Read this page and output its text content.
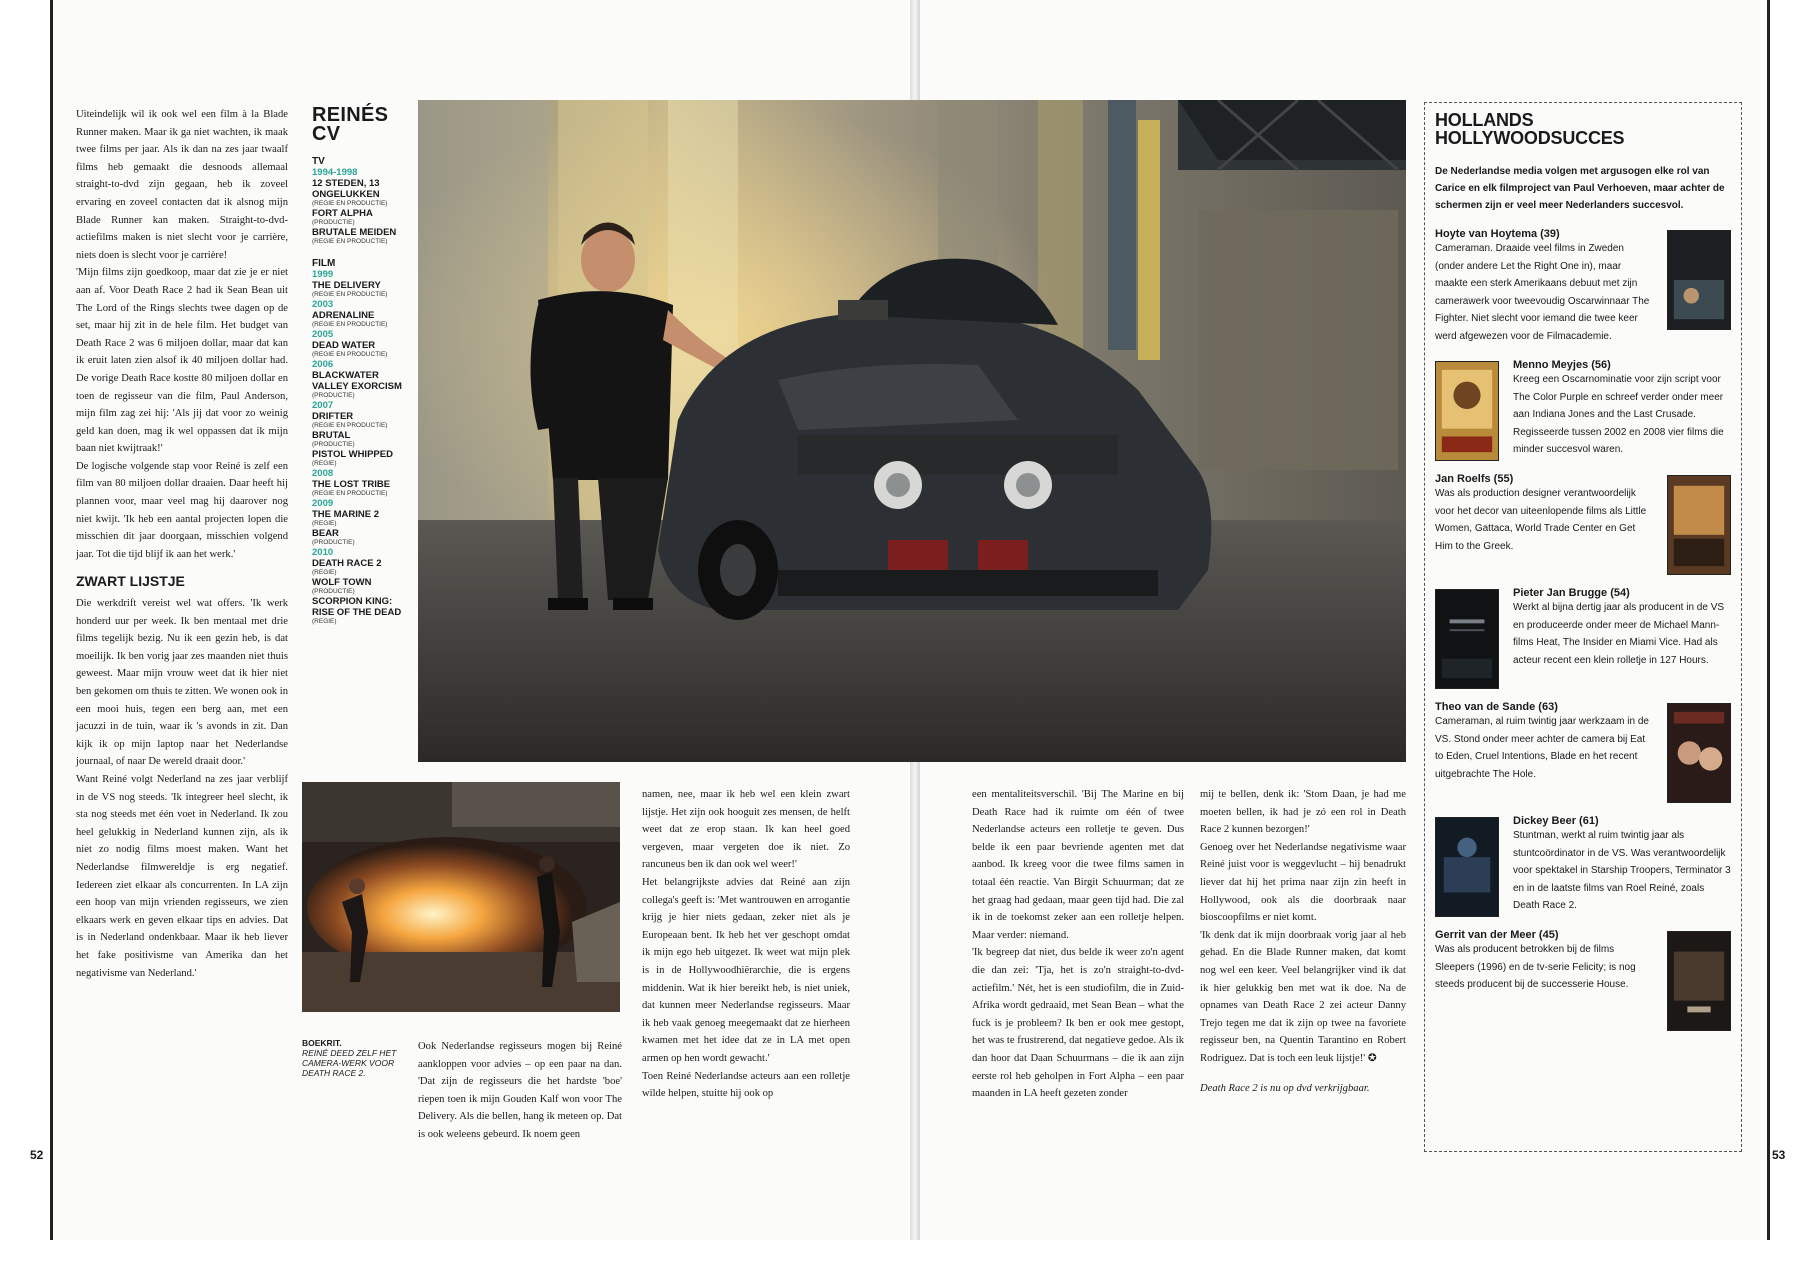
Uiteindelijk wil ik ook wel een film à la Blade Runner maken. Maar ik ga niet wachten, ik maak twee films per jaar. Als ik dan na zes jaar twaalf films heb gemaakt die desnoods allemaal straight-to-dvd zijn gegaan, heb ik zoveel ervaring en zoveel contacten dat ik alsnog mijn Blade Runner kan maken. Straight-to-dvd-actiefilms maken is niet slecht voor je carrière, niets doen is slecht voor je carrière!

'Mijn films zijn goedkoop, maar dat zie je er niet aan af. Voor Death Race 2 had ik Sean Bean uit The Lord of the Rings slechts twee dagen op de set, maar hij zit in de hele film. Het budget van Death Race 2 was 6 miljoen dollar, maar dat kan ik eruit laten zien alsof ik 40 miljoen dollar had. De vorige Death Race kostte 80 miljoen dollar en toen de regisseur van die film, Paul Anderson, mijn film zag zei hij: 'Als jij dat voor zo weinig geld kan doen, mag ik wel oppassen dat ik mijn baan niet kwijtraak!'

De logische volgende stap voor Reiné is zelf een film van 80 miljoen dollar draaien. Daar heeft hij plannen voor, maar veel mag hij daarover nog niet kwijt. 'Ik heb een aantal projecten lopen die misschien dit jaar doorgaan, misschien volgend jaar. Tot die tijd blijf ik aan het werk.'

ZWART LIJSTJE

Die werkdrift vereist wel wat offers. 'Ik werk honderd uur per week. Ik ben mentaal met drie films tegelijk bezig. Nu ik een gezin heb, is dat moeilijk. Ik ben vorig jaar zes maanden niet thuis geweest. Maar mijn vrouw weet dat ik hier niet ben gekomen om thuis te zitten. We wonen ook in een mooi huis, tegen een berg aan, met een jacuzzi in de tuin, waar ik 's avonds in zit. Dan kijk ik op mijn laptop naar het Nederlandse journaal, of naar De wereld draait door.'

Want Reiné volgt Nederland na zes jaar verblijf in de VS nog steeds. 'Ik integreer heel slecht, ik sta nog steeds met één voet in Nederland. Ik zou heel gelukkig in Nederland kunnen zijn, als ik niet zo nodig films moest maken. Want het Nederlandse filmwereldje is erg negatief. Iedereen ziet elkaar als concurrenten. In LA zijn een hoop van mijn vrienden regisseurs, we zien elkaars werk en geven elkaar tips en advies. Dat is in Nederland ondenkbaar. Maar ik heb liever het fake positivisme van Amerika dan het negativisme van Nederland.'

REINÉS
CV
TV
1994-1998
12 STEDEN, 13 ONGELUKKEN
(REGIE EN PRODUCTIE)
FORT ALPHA
(PRODUCTIE)
BRUTALE MEIDEN
(REGIE EN PRODUCTIE)
FILM
1999
THE DELIVERY
(REGIE EN PRODUCTIE)
2003
ADRENALINE
(REGIE EN PRODUCTIE)
2005
DEAD WATER
(REGIE EN PRODUCTIE)
2006
BLACKWATER VALLEY EXORCISM
(PRODUCTIE)
2007
DRIFTER
(REGIE EN PRODUCTIE)
BRUTAL
(PRODUCTIE)
PISTOL WHIPPED
(REGIE)
2008
THE LOST TRIBE
(REGIE EN PRODUCTIE)
2009
THE MARINE 2
(REGIE)
BEAR
(PRODUCTIE)
2010
DEATH RACE 2
(REGIE)
WOLF TOWN
(PRODUCTIE)
SCORPION KING: RISE OF THE DEAD
(REGIE)
BOEKRIT.
REINÉ DEED ZELF HET CAMERA-WERK VOOR DEATH RACE 2.

Ook Nederlandse regisseurs mogen bij Reiné aankloppen voor advies – op een paar na dan. 'Dat zijn de regisseurs die het hardste 'boe' riepen toen ik mijn Gouden Kalf won voor The Delivery. Als die bellen, hang ik meteen op. Dat is ook weleens gebeurd. Ik noem geen

namen, nee, maar ik heb wel een klein zwart lijstje. Het zijn ook hooguit zes mensen, de helft weet dat ze erop staan. Ik kan heel goed vergeven, maar vergeten doe ik niet. Zo rancuneus ben ik dan ook wel weer!'

Het belangrijkste advies dat Reiné aan zijn collega's geeft is: 'Met wantrouwen en arrogantie krijg je hier niets gedaan, zeker niet als je Europeaan bent. Ik heb het ver geschopt omdat ik mijn ego heb uitgezet. Ik weet wat mijn plek is in de Hollywoodhiërarchie, die is ergens middenin. Wat ik hier bereikt heb, is niet uniek, dat kunnen meer Nederlandse regisseurs. Maar ik heb vaak genoeg meegemaakt dat ze hierheen kwamen met het idee dat ze in LA met open armen op hen wordt gewacht.'

Toen Reiné Nederlandse acteurs aan een rolletje wilde helpen, stuitte hij ook op

een mentaliteitsverschil. 'Bij The Marine en bij Death Race had ik ruimte om één of twee Nederlandse acteurs een rolletje te geven. Dus belde ik een paar bevriende agenten met dat aanbod. Ik kreeg voor die twee films samen in totaal één reactie. Van Birgit Schuurman; dat ze het graag had gedaan, maar geen tijd had. Die zal ik in de toekomst zeker aan een rolletje helpen. Maar verder: niemand.

'Ik begreep dat niet, dus belde ik weer zo'n agent die dan zei: 'Tja, het is zo'n straight-to-dvd-actiefilm.' Nét, het is een studiofilm, die in Zuid-Afrika wordt gedraaid, met Sean Bean – what the fuck is je probleem? Ik ben er ook mee gestopt, het was te frustrerend, dat negatieve gedoe. Als ik dan hoor dat Daan Schuurmans – die ik aan zijn eerste rol heb geholpen in Fort Alpha – een paar maanden in LA heeft gezeten zonder

mij te bellen, denk ik: 'Stom Daan, je had me moeten bellen, ik had je zó een rol in Death Race 2 kunnen bezorgen!'

Genoeg over het Nederlandse negativisme waar Reiné juist voor is weggevlucht – hij benadrukt liever dat hij het prima naar zijn zin heeft in Hollywood, ook als die doorbraak naar bioscoopfilms er niet komt.

'Ik denk dat ik mijn doorbraak vorig jaar al heb gehad. En die Blade Runner maken, dat komt nog wel een keer. Veel belangrijker vind ik dat ik hier gelukkig ben met wat ik doe. Na de opnames van Death Race 2 zei acteur Danny Trejo tegen me dat ik zijn op twee na favoriete regisseur ben, na Quentin Tarantino en Robert Rodriguez. Dat is toch een leuk lijstje!' ✪

Death Race 2 is nu op dvd verkrijgbaar.

HOLLANDS
HOLLYWOODSUCCES
De Nederlandse media volgen met argusogen elke rol van Carice en elk filmproject van Paul Verhoeven, maar achter de schermen zijn er veel meer Nederlanders succesvol.
Hoyte van Hoytema (39)
Cameraman. Draaide veel films in Zweden (onder andere Let the Right One in), maar maakte een sterk Amerikaans debuut met zijn camerawerk voor tweevoudig Oscarwinnaar The Fighter. Niet slecht voor iemand die twee keer werd afgewezen voor de Filmacademie.
Menno Meyjes (56)
Kreeg een Oscarnominatie voor zijn script voor The Color Purple en schreef verder onder meer aan Indiana Jones and the Last Crusade. Regisseerde tussen 2002 en 2008 vier films die minder succesvol waren.
Jan Roelfs (55)
Was als production designer verantwoordelijk voor het decor van uiteenlopende films als Little Women, Gattaca, World Trade Center en Get Him to the Greek.
Pieter Jan Brugge (54)
Werkt al bijna dertig jaar als producent in de VS en produceerde onder meer de Michael Mann-films Heat, The Insider en Miami Vice. Had als acteur recent een klein rolletje in 127 Hours.
Theo van de Sande (63)
Cameraman, al ruim twintig jaar werkzaam in de VS. Stond onder meer achter de camera bij Eat to Eden, Cruel Intentions, Blade en het recent uitgebrachte The Hole.
Dickey Beer (61)
Stuntman, werkt al ruim twintig jaar als stuntcoördinator in de VS. Was verantwoordelijk voor spektakel in Starship Troopers, Terminator 3 en in de laatste films van Roel Reiné, zoals Death Race 2.
Gerrit van der Meer (45)
Was als producent betrokken bij de films Sleepers (1996) en de tv-serie Felicity; is nog steeds producent bij de successerie House.
52	53
